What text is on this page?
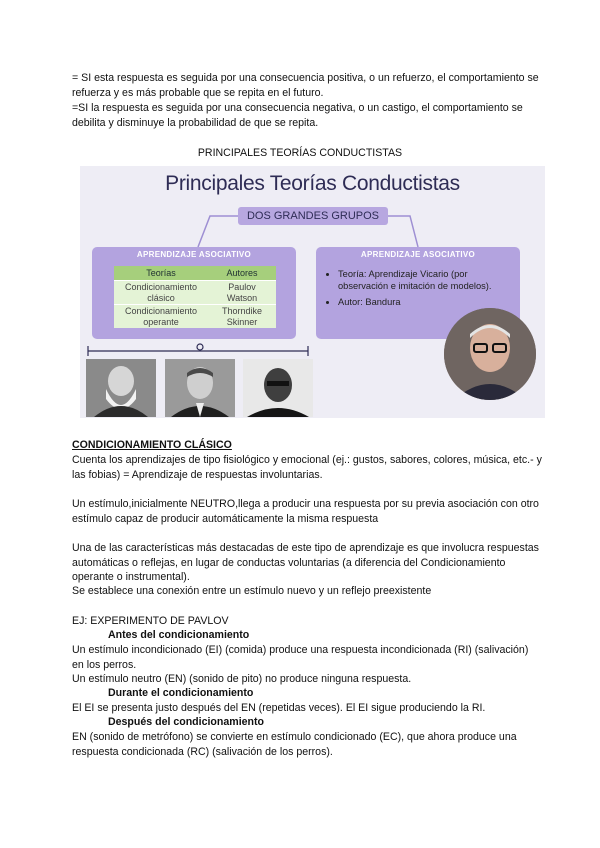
= SI esta respuesta es seguida por una consecuencia positiva, o un refuerzo, el comportamiento se refuerza y es más probable que se repita en el futuro.

=SI la respuesta es seguida por una consecuencia negativa, o un castigo, el comportamiento se debilita y disminuye la probabilidad de que se repita.

PRINCIPALES TEORÍAS CONDUCTISTAS
Principales Teorías Conductistas
DOS GRANDES GRUPOS
APRENDIZAJE ASOCIATIVO
Teorías	Autores
Condicionamiento clásico	Paulov Watson
Condicionamiento operante	Thorndike Skinner
APRENDIZAJE ASOCIATIVO
• Teoría: Aprendizaje Vicario (por observación e imitación de modelos).
• Autor: Bandura

CONDICIONAMIENTO CLÁSICO

Cuenta los aprendizajes de tipo fisiológico y emocional (ej.: gustos, sabores, colores, música, etc.- y las fobias) = Aprendizaje de respuestas involuntarias.

Un estímulo,inicialmente NEUTRO,llega a producir una respuesta por su previa asociación con otro estímulo capaz de producir automáticamente la misma respuesta

Una de las características más destacadas de este tipo de aprendizaje es que involucra respuestas automáticas o reflejas, en lugar de conductas voluntarias (a diferencia del Condicionamiento operante o instrumental).

Se establece una conexión entre un estímulo nuevo y un reflejo preexistente

EJ: EXPERIMENTO DE PAVLOV

Antes del condicionamiento

Un estímulo incondicionado (EI) (comida) produce una respuesta incondicionada (RI) (salivación) en los perros.

Un estímulo neutro (EN) (sonido de pito) no produce ninguna respuesta.

Durante el condicionamiento

El EI se presenta justo después del EN (repetidas veces). El EI sigue produciendo la RI.

Después del condicionamiento

EN (sonido de metrófono) se convierte en estímulo condicionado (EC), que ahora produce una respuesta condicionada (RC) (salivación de los perros).
